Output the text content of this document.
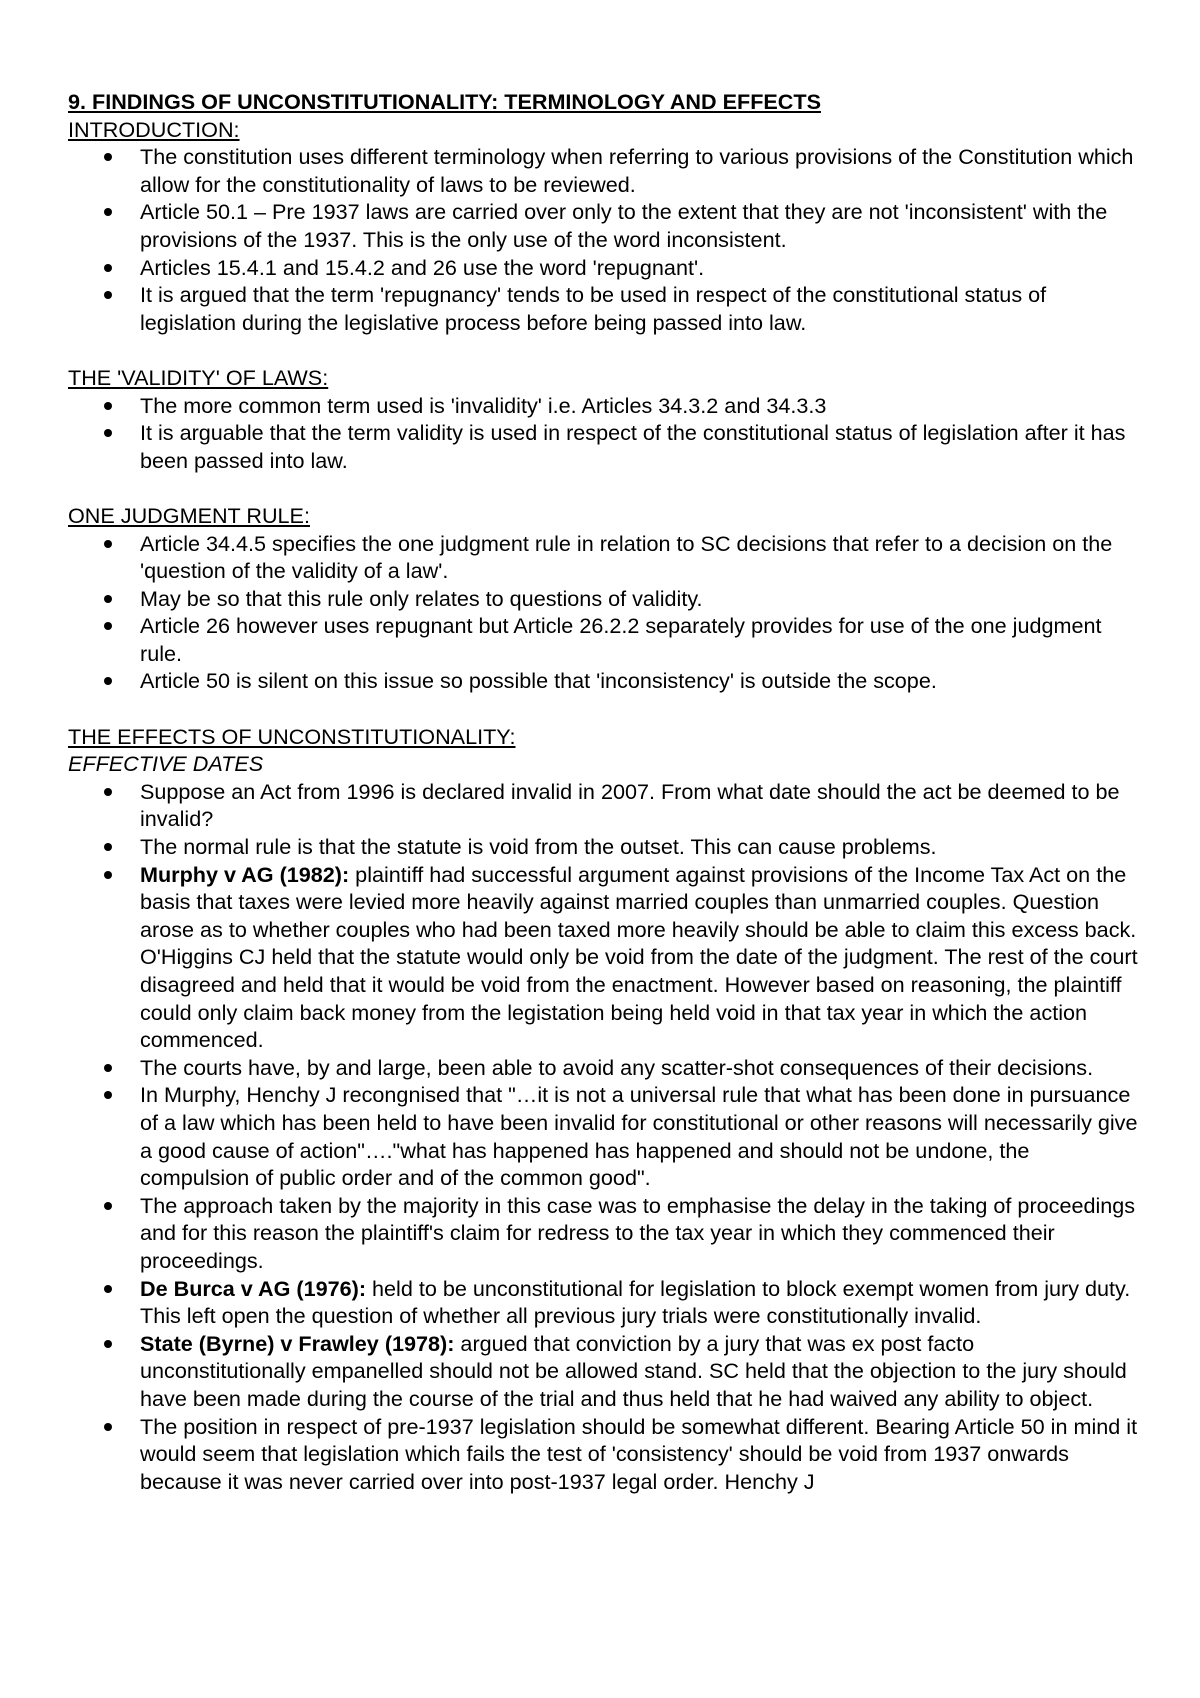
9. FINDINGS OF UNCONSTITUTIONALITY: TERMINOLOGY AND EFFECTS

INTRODUCTION:

The constitution uses different terminology when referring to various provisions of the Constitution which allow for the constitutionality of laws to be reviewed.
Article 50.1 – Pre 1937 laws are carried over only to the extent that they are not 'inconsistent' with the provisions of the 1937. This is the only use of the word inconsistent.
Articles 15.4.1 and 15.4.2 and 26 use the word 'repugnant'.
It is argued that the term 'repugnancy' tends to be used in respect of the constitutional status of legislation during the legislative process before being passed into law.

THE 'VALIDITY' OF LAWS:

The more common term used is 'invalidity' i.e. Articles 34.3.2 and 34.3.3
It is arguable that the term validity is used in respect of the constitutional status of legislation after it has been passed into law.

ONE JUDGMENT RULE:

Article 34.4.5 specifies the one judgment rule in relation to SC decisions that refer to a decision on the 'question of the validity of a law'.
May be so that this rule only relates to questions of validity.
Article 26 however uses repugnant but Article 26.2.2 separately provides for use of the one judgment rule.
Article 50 is silent on this issue so possible that 'inconsistency' is outside the scope.

THE EFFECTS OF UNCONSTITUTIONALITY:

EFFECTIVE DATES

Suppose an Act from 1996 is declared invalid in 2007. From what date should the act be deemed to be invalid?
The normal rule is that the statute is void from the outset. This can cause problems.
Murphy v AG (1982): plaintiff had successful argument against provisions of the Income Tax Act on the basis that taxes were levied more heavily against married couples than unmarried couples. Question arose as to whether couples who had been taxed more heavily should be able to claim this excess back. O'Higgins CJ held that the statute would only be void from the date of the judgment. The rest of the court disagreed and held that it would be void from the enactment. However based on reasoning, the plaintiff could only claim back money from the legistation being held void in that tax year in which the action commenced.
The courts have, by and large, been able to avoid any scatter-shot consequences of their decisions.
In Murphy, Henchy J recongnised that "…it is not a universal rule that what has been done in pursuance of a law which has been held to have been invalid for constitutional or other reasons will necessarily give a good cause of action"…."what has happened has happened and should not be undone, the compulsion of public order and of the common good".
The approach taken by the majority in this case was to emphasise the delay in the taking of proceedings and for this reason the plaintiff's claim for redress to the tax year in which they commenced their proceedings.
De Burca v AG (1976): held to be unconstitutional for legislation to block exempt women from jury duty. This left open the question of whether all previous jury trials were constitutionally invalid.
State (Byrne) v Frawley (1978): argued that conviction by a jury that was ex post facto unconstitutionally empanelled should not be allowed stand. SC held that the objection to the jury should have been made during the course of the trial and thus held that he had waived any ability to object.
The position in respect of pre-1937 legislation should be somewhat different. Bearing Article 50 in mind it would seem that legislation which fails the test of 'consistency' should be void from 1937 onwards because it was never carried over into post-1937 legal order. Henchy J
